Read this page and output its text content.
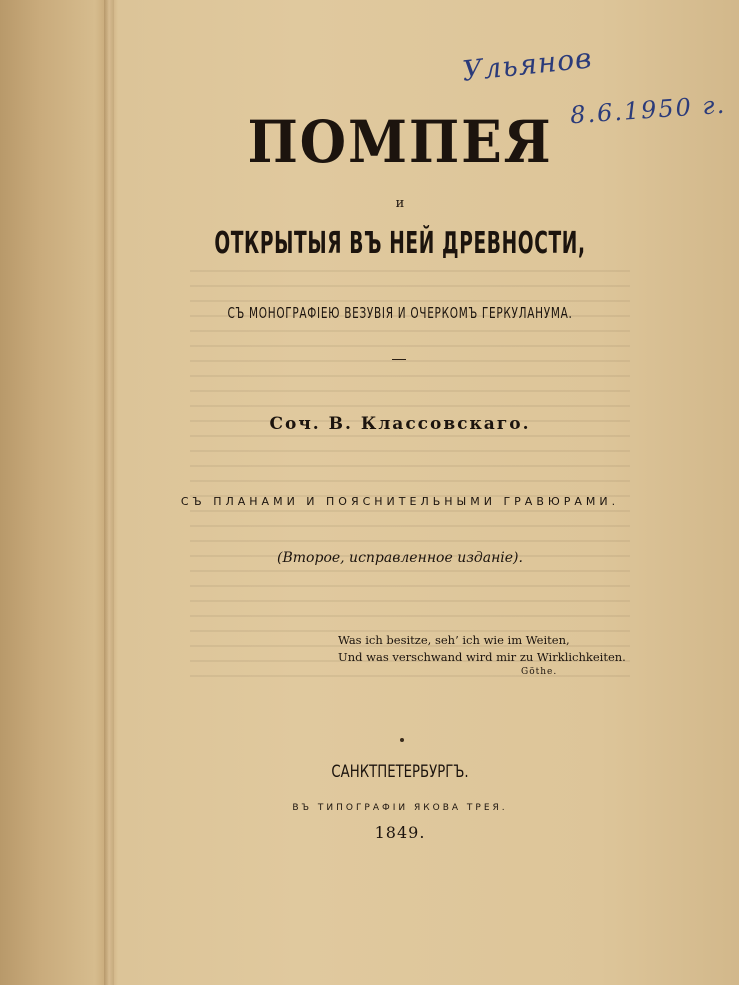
Ульянов
8.6.1950 г.
ПОМПЕЯ
и
ОТКРЫТЫЯ ВЪ НЕЙ ДРЕВНОСТИ,
СЪ МОНОГРАФІЕЮ ВЕЗУВІЯ И ОЧЕРКОМЪ ГЕРКУЛАНУМА.
Соч. В. Классовскаго.
СЪ ПЛАНАМИ И ПОЯСНИТЕЛЬНЫМИ ГРАВЮРАМИ.
(Второе, исправленное изданіе).
Was ich besitze, seh’ ich wie im Weiten,
Und was verschwand wird mir zu Wirklichkeiten.
Göthe.
САНКТПЕТЕРБУРГЪ.
ВЪ ТИПОГРАФІИ ЯКОВА ТРЕЯ.
1849.
